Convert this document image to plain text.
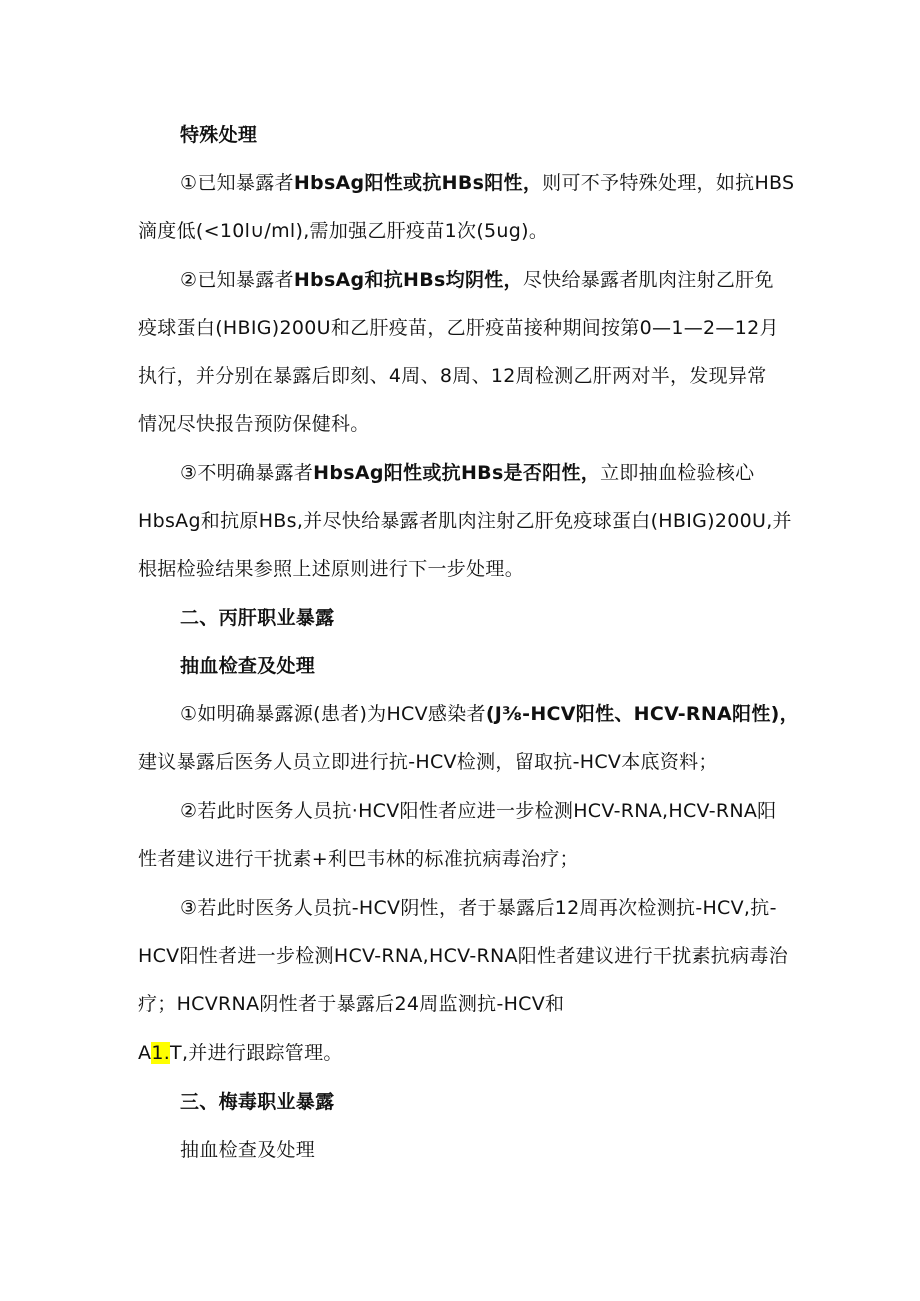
特殊处理
①已知暴露者HbsAg阳性或抗HBs阳性，则可不予特殊处理，如抗HBS
滴度低(<10l∪∕ml),需加强乙肝疫苗1次(5ug)。
②已知暴露者HbsAg和抗HBs均阴性，尽快给暴露者肌肉注射乙肝免
疫球蛋白(HBIG)200U和乙肝疫苗，乙肝疫苗接种期间按第0—1—2—12月
执行，并分别在暴露后即刻、4周、8周、12周检测乙肝两对半，发现异常
情况尽快报告预防保健科。
③不明确暴露者HbsAg阳性或抗HBs是否阳性，立即抽血检验核心
HbsAg和抗原HBs,并尽快给暴露者肌肉注射乙肝免疫球蛋白(HBIG)200U,并
根据检验结果参照上述原则进行下一步处理。
二、丙肝职业暴露
抽血检查及处理
①如明确暴露源(患者)为HCV感染者(J⅜-HCV阳性、HCV-RNA阳性)，
建议暴露后医务人员立即进行抗-HCV检测，留取抗-HCV本底资料；
②若此时医务人员抗·HCV阳性者应进一步检测HCV-RNA,HCV-RNA阳
性者建议进行干扰素+利巴韦林的标准抗病毒治疗；
③若此时医务人员抗-HCV阴性，者于暴露后12周再次检测抗-HCV,抗-
HCV阳性者进一步检测HCV-RNA,HCV-RNA阳性者建议进行干扰素抗病毒治
疗；HCVRNA阴性者于暴露后24周监测抗-HCV和
A1.T,并进行跟踪管理。
三、梅毒职业暴露
抽血检查及处理
